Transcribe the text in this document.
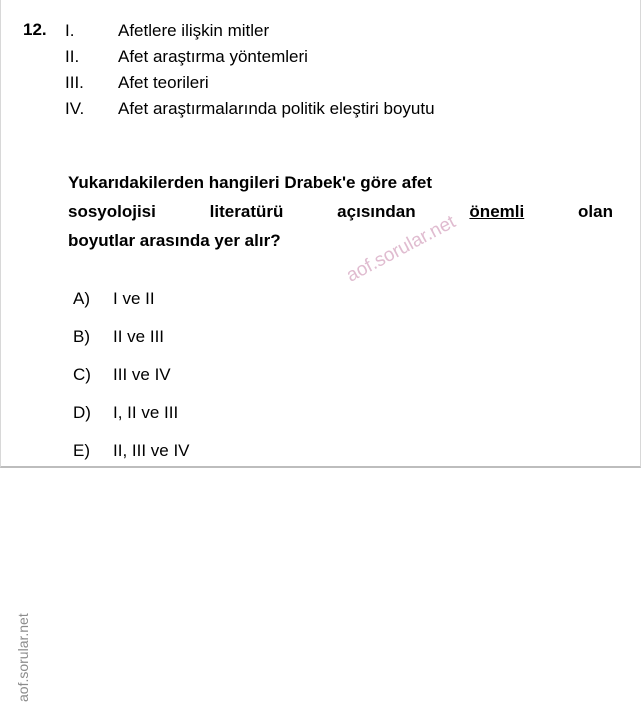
12. I.	Afetlere ilişkin mitler
II.	Afet araştırma yöntemleri
III.	Afet teorileri
IV.	Afet araştırmalarında politik eleştiri boyutu
Yukarıdakilerden hangileri Drabek'e göre afet
sosyolojisi literatürü açısından önemli olan
boyutlar arasında yer alır?
A)	I ve II
B)	II ve III
C)	III ve IV
D)	I, II ve III
E)	II, III ve IV
aof.sorular.net
aof.sorular.net
